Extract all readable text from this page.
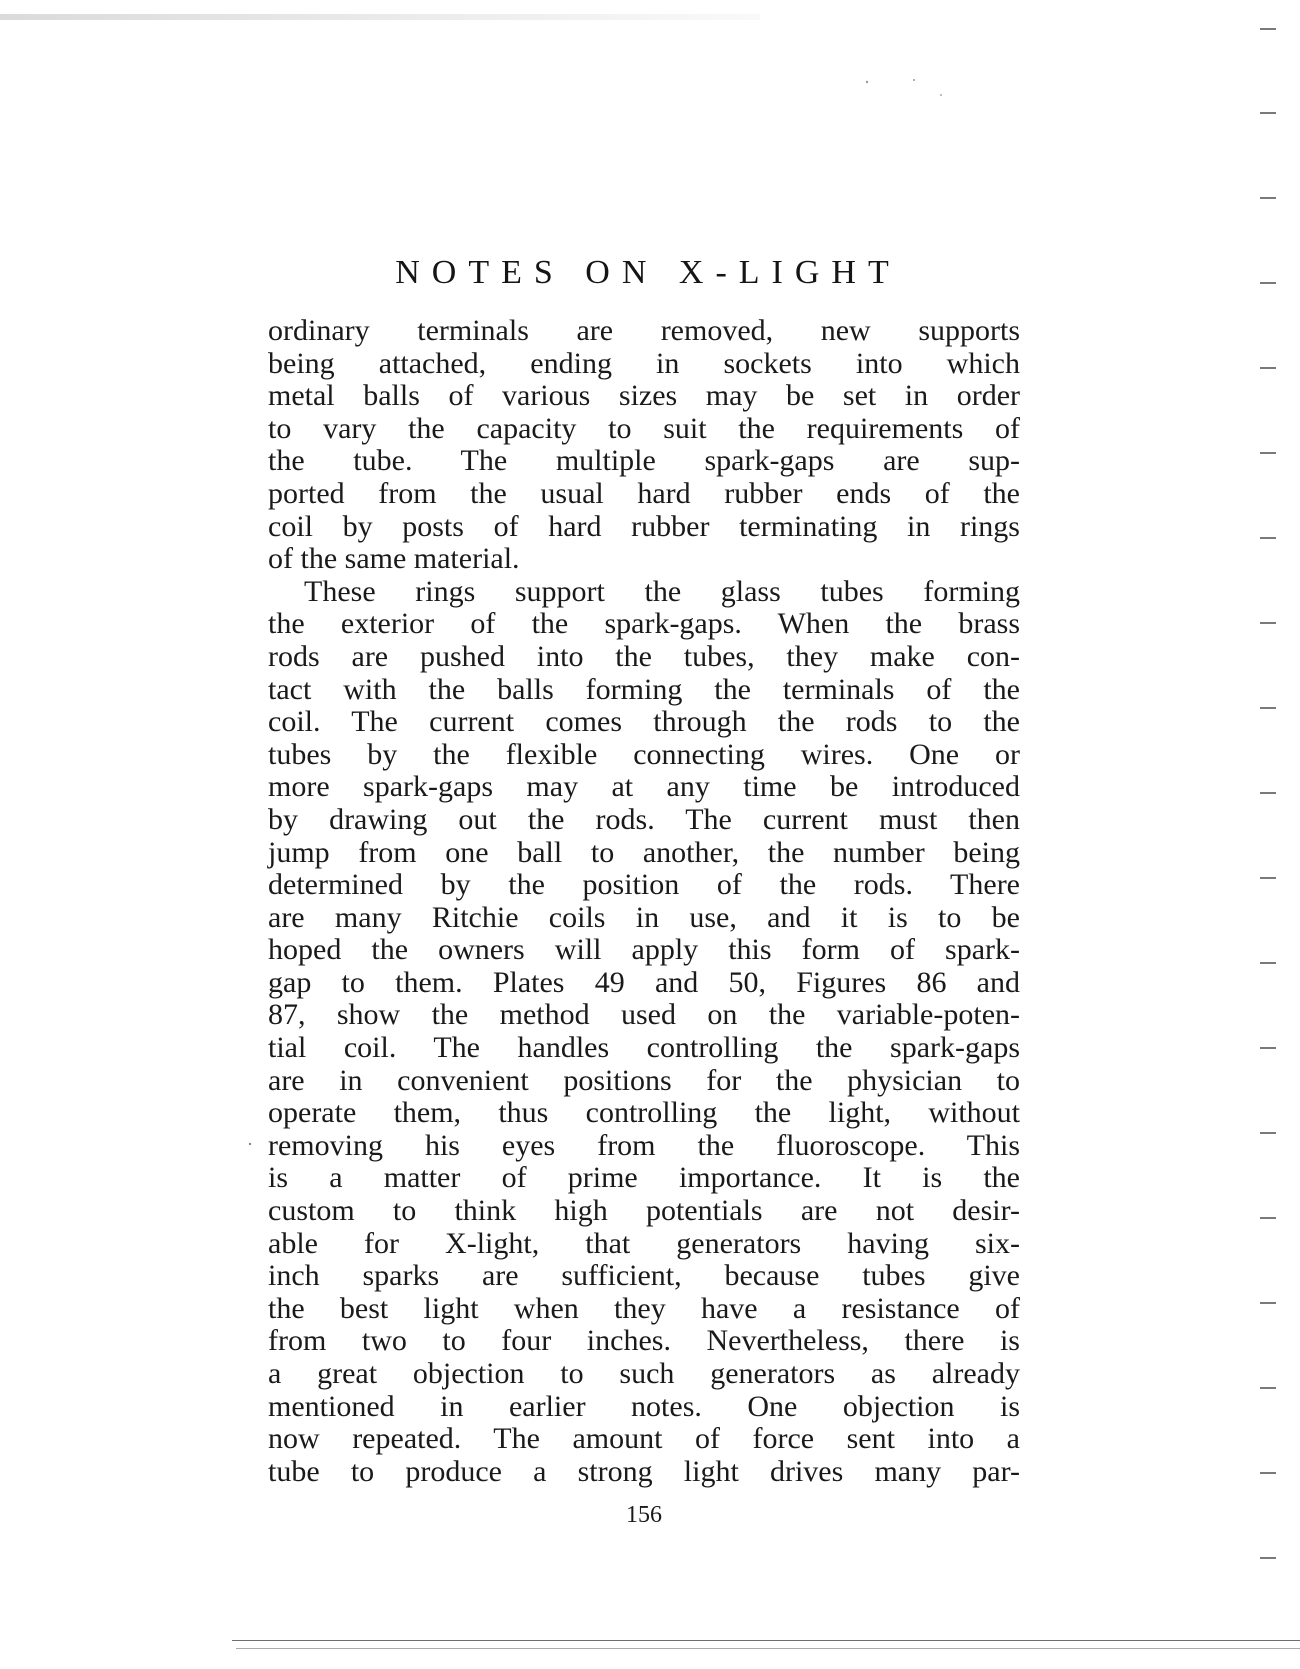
NOTES ON X-LIGHT
ordinary terminals are removed, new supports
being attached, ending in sockets into which
metal balls of various sizes may be set in order
to vary the capacity to suit the requirements of
the tube. The multiple spark-gaps are sup-
ported from the usual hard rubber ends of the
coil by posts of hard rubber terminating in rings
of the same material.
These rings support the glass tubes forming
the exterior of the spark-gaps. When the brass
rods are pushed into the tubes, they make con-
tact with the balls forming the terminals of the
coil. The current comes through the rods to the
tubes by the flexible connecting wires. One or
more spark-gaps may at any time be introduced
by drawing out the rods. The current must then
jump from one ball to another, the number being
determined by the position of the rods. There
are many Ritchie coils in use, and it is to be
hoped the owners will apply this form of spark-
gap to them. Plates 49 and 50, Figures 86 and
87, show the method used on the variable-poten-
tial coil. The handles controlling the spark-gaps
are in convenient positions for the physician to
operate them, thus controlling the light, without
removing his eyes from the fluoroscope. This
is a matter of prime importance. It is the
custom to think high potentials are not desir-
able for X-light, that generators having six-
inch sparks are sufficient, because tubes give
the best light when they have a resistance of
from two to four inches. Nevertheless, there is
a great objection to such generators as already
mentioned in earlier notes. One objection is
now repeated. The amount of force sent into a
tube to produce a strong light drives many par-
156
